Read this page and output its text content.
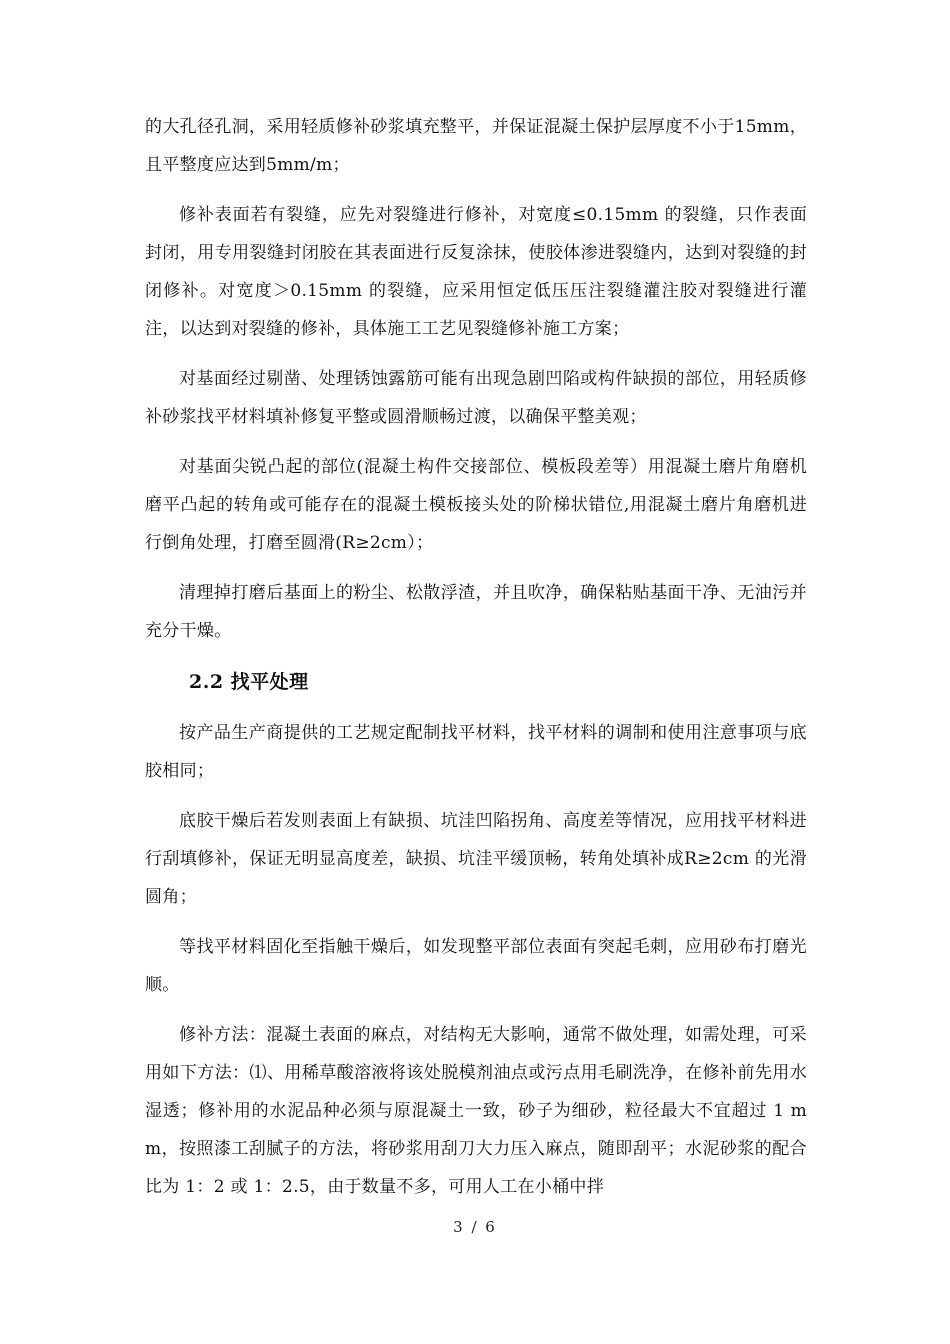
的大孔径孔洞，采用轻质修补砂浆填充整平，并保证混凝土保护层厚度不小于15mm，且平整度应达到5mm/m；

修补表面若有裂缝，应先对裂缝进行修补，对宽度≤0.15mm 的裂缝，只作表面封闭，用专用裂缝封闭胶在其表面进行反复涂抹，使胶体渗进裂缝内，达到对裂缝的封闭修补。对宽度＞0.15mm 的裂缝，应采用恒定低压压注裂缝灌注胶对裂缝进行灌注，以达到对裂缝的修补，具体施工工艺见裂缝修补施工方案；

对基面经过剔凿、处理锈蚀露筋可能有出现急剧凹陷或构件缺损的部位，用轻质修补砂浆找平材料填补修复平整或圆滑顺畅过渡，以确保平整美观；

对基面尖锐凸起的部位(混凝土构件交接部位、模板段差等）用混凝土磨片角磨机磨平凸起的转角或可能存在的混凝土模板接头处的阶梯状错位,用混凝土磨片角磨机进行倒角处理，打磨至圆滑(R≥2cm）；

清理掉打磨后基面上的粉尘、松散浮渣，并且吹净，确保粘贴基面干净、无油污并充分干燥。

2.2 找平处理

按产品生产商提供的工艺规定配制找平材料，找平材料的调制和使用注意事项与底胶相同；

底胶干燥后若发则表面上有缺损、坑洼凹陷拐角、高度差等情况，应用找平材料进行刮填修补，保证无明显高度差，缺损、坑洼平缓顶畅，转角处填补成R≥2cm 的光滑圆角；

等找平材料固化至指触干燥后，如发现整平部位表面有突起毛刺，应用砂布打磨光顺。

修补方法：混凝土表面的麻点，对结构无大影响，通常不做处理，如需处理，可采用如下方法：⑴、用稀草酸溶液将该处脱模剂油点或污点用毛刷洗净，在修补前先用水湿透；修补用的水泥品种必须与原混凝土一致，砂子为细砂，粒径最大不宜超过 1 mm，按照漆工刮腻子的方法，将砂浆用刮刀大力压入麻点，随即刮平；水泥砂浆的配合比为 1：2 或 1：2.5，由于数量不多，可用人工在小桶中拌

3 / 6
